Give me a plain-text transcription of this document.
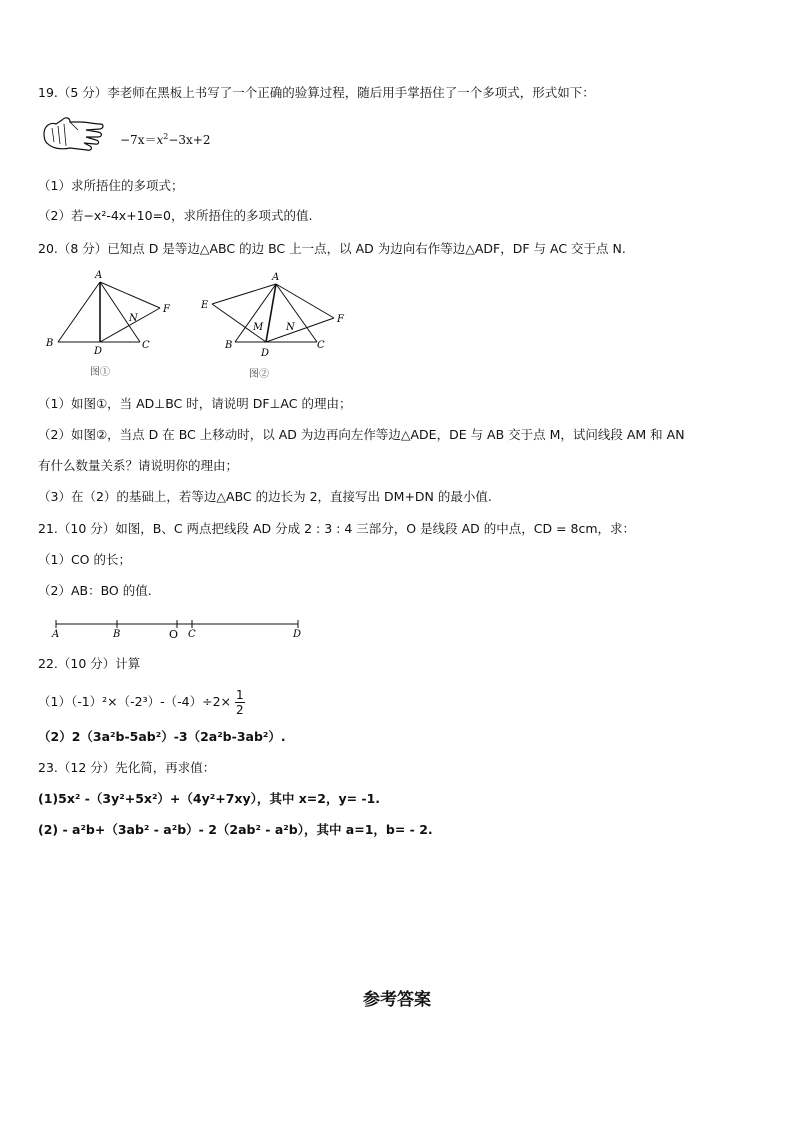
19.（5 分）李老师在黑板上书写了一个正确的验算过程，随后用手掌捂住了一个多项式，形式如下：
$-7x=x^2-3x+2$
（1）求所捂住的多项式；
（2）若−x²-4x+10=0，求所捂住的多项式的值.
20.（8 分）已知点 D 是等边△ABC 的边 BC 上一点，以 AD 为边向右作等边△ADF，DF 与 AC 交于点 N.
A
F
N
B
D
C
图①
A
E
F
M N
B
D
C
图②
（1）如图①，当 AD⊥BC 时，请说明 DF⊥AC 的理由；
（2）如图②，当点 D 在 BC 上移动时，以 AD 为边再向左作等边△ADE，DE 与 AB 交于点 M，试问线段 AM 和 AN
有什么数量关系？请说明你的理由；
（3）在（2）的基础上，若等边△ABC 的边长为 2，直接写出 DM+DN 的最小值.
21.（10 分）如图，B、C 两点把线段 AD 分成 2 : 3 : 4 三部分，O 是线段 AD 的中点，CD = 8cm，求：
（1）CO 的长；
（2）AB：BO 的值.
A	B	O C	D
22.（10 分）计算
$(1)(-1)^2\times(-2^3)-(-4)\div 2\times \frac{1}{2}$
（2）2（3a²b-5ab²）-3（2a²b-3ab²）.
23.（12 分）先化简，再求值：
(1)5x² -（3y²+5x²）+（4y²+7xy），其中 x=2，y= -1.
(2) - a²b+（3ab² - a²b）- 2（2ab² - a²b），其中 a=1，b= - 2.
参考答案
